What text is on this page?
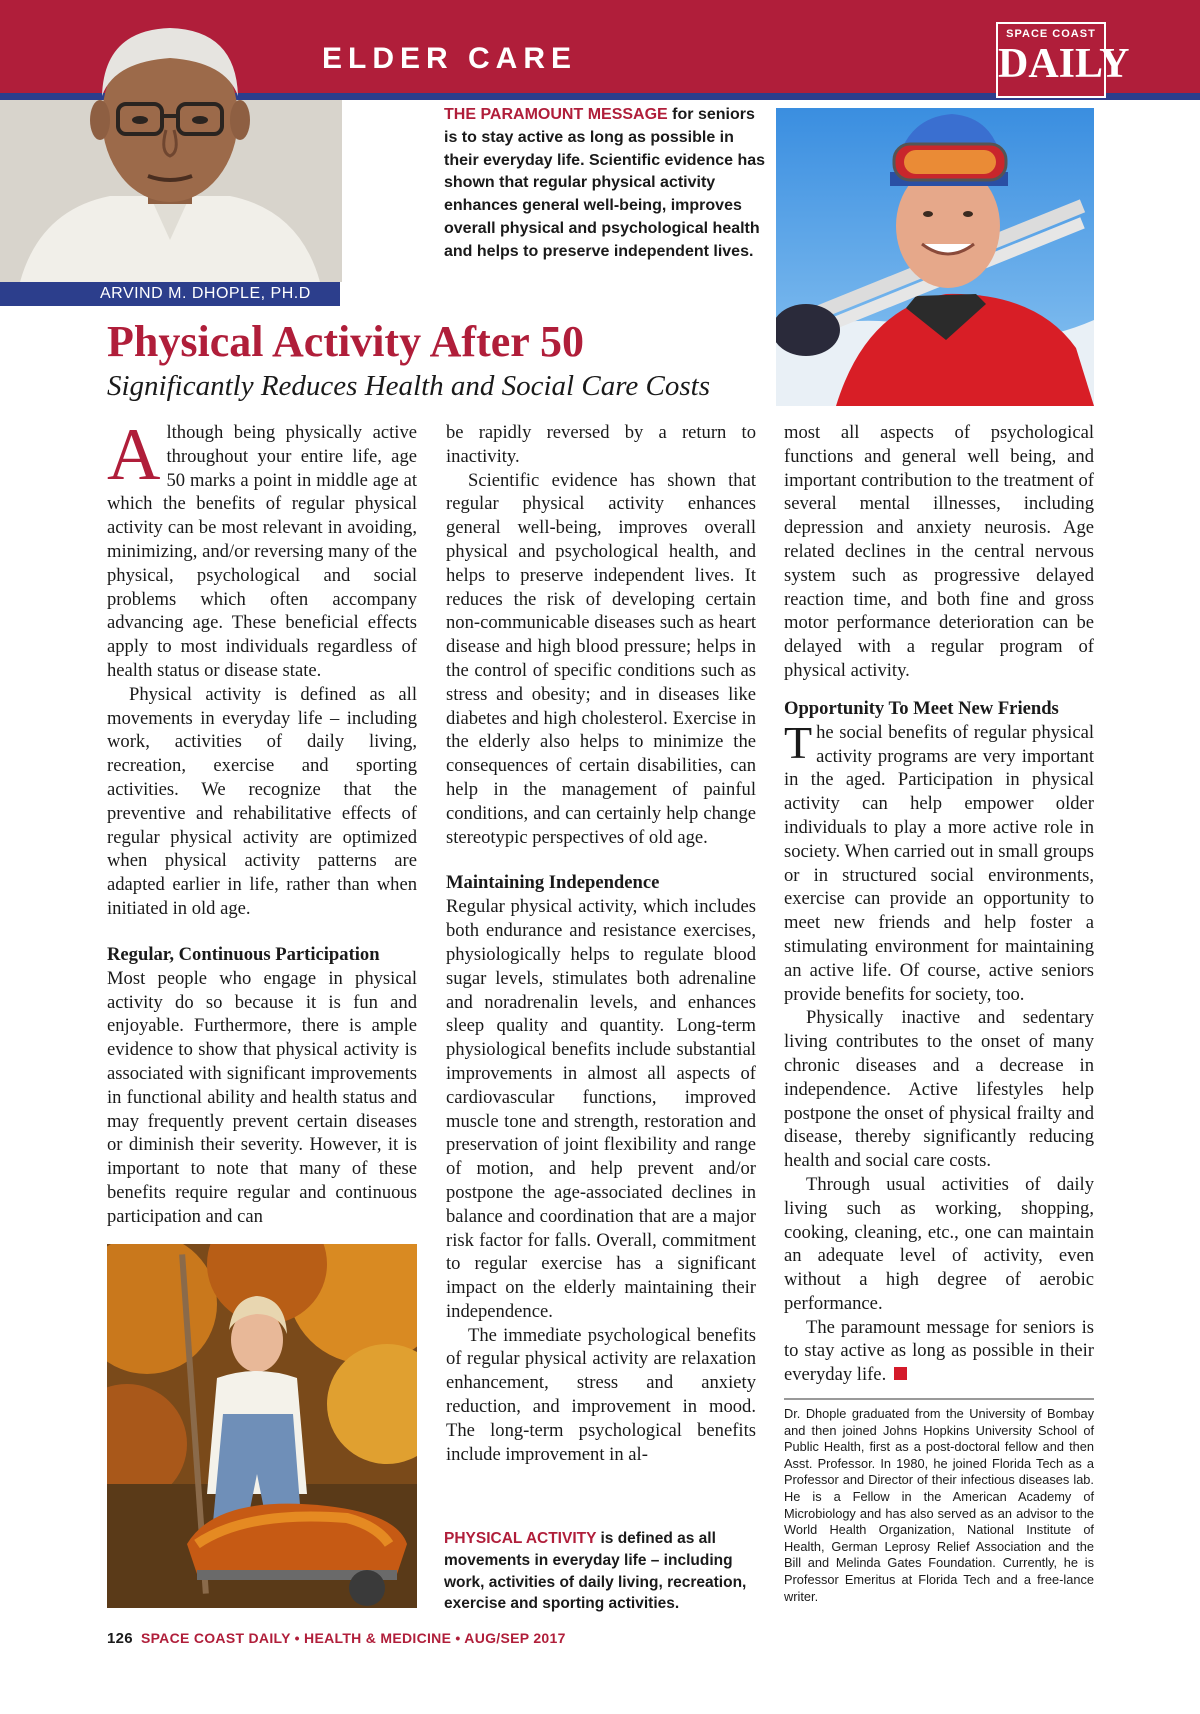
ELDER CARE
SPACE COAST
DAILY
ARVIND M. DHOPLE, PH.D
THE PARAMOUNT MESSAGE for seniors is to stay active as long as possible in their everyday life. Scientific evidence has shown that regular physical activity enhances general well-being, improves overall physical and psychological health and helps to preserve independent lives.
Physical Activity After 50
Significantly Reduces Health and Social Care Costs

Although being physically active throughout your entire life, age 50 marks a point in middle age at which the benefits of regular physical activity can be most relevant in avoiding, minimizing, and/or reversing many of the physical, psychological and social problems which often accompany advancing age. These beneficial effects apply to most individuals regardless of health status or disease state.

Physical activity is defined as all movements in everyday life – including work, activities of daily living, recreation, exercise and sporting activities. We recognize that the preventive and rehabilitative effects of regular physical activity are optimized when physical activity patterns are adapted earlier in life, rather than when initiated in old age.

Regular, Continuous Participation

Most people who engage in physical activity do so because it is fun and enjoyable. Furthermore, there is ample evidence to show that physical activity is associated with significant improvements in functional ability and health status and may frequently prevent certain diseases or diminish their severity. However, it is important to note that many of these benefits require regular and continuous participation and can

be rapidly reversed by a return to inactivity.

Scientific evidence has shown that regular physical activity enhances general well-being, improves overall physical and psychological health, and helps to preserve independent lives. It reduces the risk of developing certain non-communicable diseases such as heart disease and high blood pressure; helps in the control of specific conditions such as stress and obesity; and in diseases like diabetes and high cholesterol. Exercise in the elderly also helps to minimize the consequences of certain disabilities, can help in the management of painful conditions, and can certainly help change stereotypic perspectives of old age.

Maintaining Independence

Regular physical activity, which includes both endurance and resistance exercises, physiologically helps to regulate blood sugar levels, stimulates both adrenaline and noradrenalin levels, and enhances sleep quality and quantity. Long-term physiological benefits include substantial improvements in almost all aspects of cardiovascular functions, improved muscle tone and strength, restoration and preservation of joint flexibility and range of motion, and help prevent and/or postpone the age-associated declines in balance and coordination that are a major risk factor for falls. Overall, commitment to regular exercise has a significant impact on the elderly maintaining their independence.

The immediate psychological benefits of regular physical activity are relaxation enhancement, stress and anxiety reduction, and improvement in mood. The long-term psychological benefits include improvement in al-

PHYSICAL ACTIVITY is defined as all movements in everyday life – including work, activities of daily living, recreation, exercise and sporting activities.

most all aspects of psychological functions and general well being, and important contribution to the treatment of several mental illnesses, including depression and anxiety neurosis. Age related declines in the central nervous system such as progressive delayed reaction time, and both fine and gross motor performance deterioration can be delayed with a regular program of physical activity.

Opportunity To Meet New Friends

The social benefits of regular physical activity programs are very important in the aged. Participation in physical activity can help empower older individuals to play a more active role in society. When carried out in small groups or in structured social environments, exercise can provide an opportunity to meet new friends and help foster a stimulating environment for maintaining an active life. Of course, active seniors provide benefits for society, too.

Physically inactive and sedentary living contributes to the onset of many chronic diseases and a decrease in independence. Active lifestyles help postpone the onset of physical frailty and disease, thereby significantly reducing health and social care costs.

Through usual activities of daily living such as working, shopping, cooking, cleaning, etc., one can maintain an adequate level of activity, even without a high degree of aerobic performance.

The paramount message for seniors is to stay active as long as possible in their everyday life.

Dr. Dhople graduated from the University of Bombay and then joined Johns Hopkins University School of Public Health, first as a post-doctoral fellow and then Asst. Professor. In 1980, he joined Florida Tech as a Professor and Director of their infectious diseases lab. He is a Fellow in the American Academy of Microbiology and has also served as an advisor to the World Health Organization, National Institute of Health, German Leprosy Relief Association and the Bill and Melinda Gates Foundation. Currently, he is Professor Emeritus at Florida Tech and a free-lance writer.
126 SPACE COAST DAILY • HEALTH & MEDICINE • AUG/SEP 2017
